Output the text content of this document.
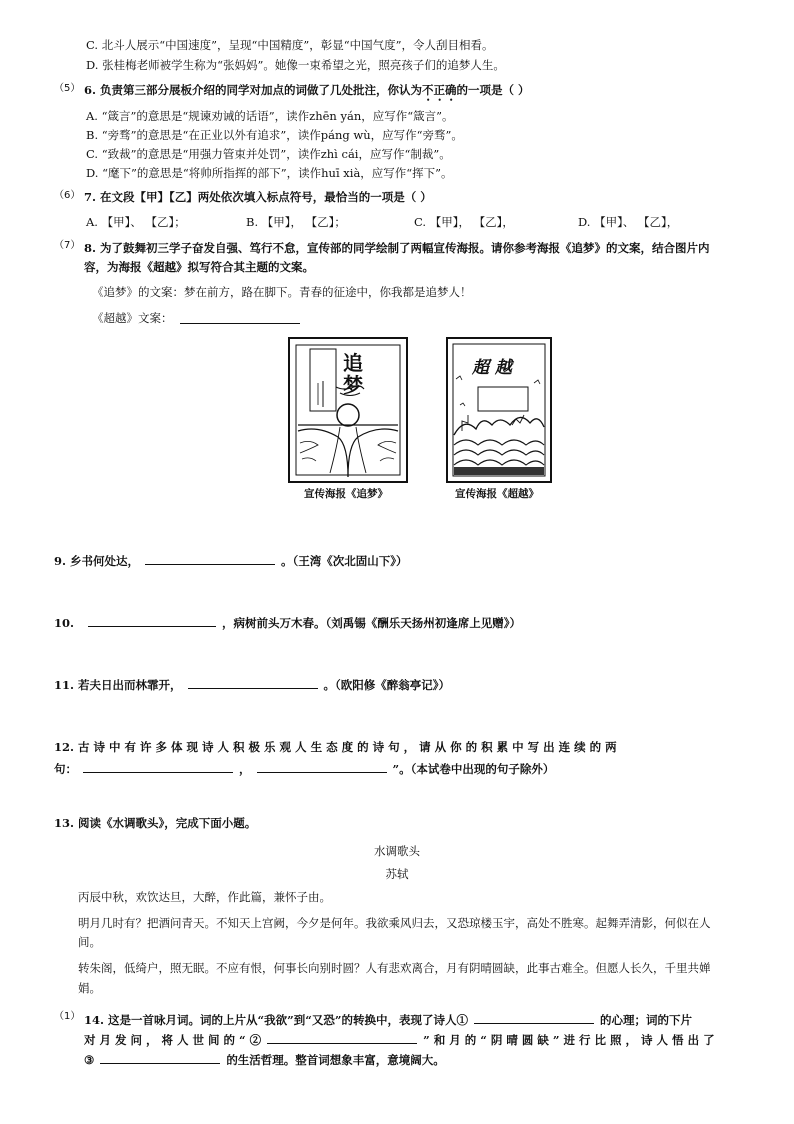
C. 北斗人展示“中国速度”，呈现“中国精度”，彰显“中国气度”，令人刮目相看。
D. 张桂梅老师被学生称为“张妈妈”。她像一束希望之光，照亮孩子们的追梦人生。
（5） 6. 负责第三部分展板介绍的同学对加点的词做了几处批注，你认为不正确的一项是（ ）
A. “箴言”的意思是“规谏劝诫的话语”，读作zhēn yán，应写作“箴言”。
B. “旁骛”的意思是“在正业以外有追求”，读作páng wù，应写作“旁骛”。
C. “致裁”的意思是“用强力管束并处罚”，读作zhì cái，应写作“制裁”。
D. “麾下”的意思是“将帅所指挥的部下”，读作huī xià，应写作“挥下”。
（6） 7. 在文段【甲】【乙】两处依次填入标点符号，最恰当的一项是（ ）
A. 【甲】、 【乙】；	B. 【甲】， 【乙】；	C. 【甲】， 【乙】，	D. 【甲】、 【乙】，
（7） 8. 为了鼓舞初三学子奋发自强、笃行不怠，宣传部的同学绘制了两幅宣传海报。请你参考海报《追梦》的文案，结合图片内
容，为海报《超越》拟写符合其主题的文案。
《追梦》的文案：梦在前方，路在脚下。青春的征途中，你我都是追梦人！
《超越》文案：
追
梦
宣传海报《追梦》
超 越
宣传海报《超越》
9. 乡书何处达，	。（王湾《次北固山下》）
10.	，病树前头万木春。（刘禹锡《酬乐天扬州初逢席上见赠》）
11. 若夫日出而林霏开，	。（欧阳修《醉翁亭记》）
12. 古 诗 中 有 许 多 体 现 诗 人 积 极 乐 观 人 生 态 度 的 诗 句 ， 请 从 你 的 积 累 中 写 出 连 续 的 两
句：	，	”。（本试卷中出现的句子除外）
13. 阅读《水调歌头》，完成下面小题。
水调歌头
苏轼
丙辰中秋，欢饮达旦，大醉，作此篇，兼怀子由。
明月几时有？把酒问青天。不知天上宫阙，今夕是何年。我欲乘风归去，又恐琼楼玉宇，高处不胜寒。起舞弄清影，何似在人
间。
转朱阁，低绮户，照无眠。不应有恨，何事长向别时圆？人有悲欢离合，月有阴晴圆缺，此事古难全。但愿人长久，千里共婵
娟。
（1） 14. 这是一首咏月词。词的上片从“我欲”到“又恐”的转换中，表现了诗人①	的心理；词的下片
对 月 发 问 ， 将 人 世 间 的 “ ②	” 和 月 的 “ 阴 晴 圆 缺 ” 进 行 比 照 ， 诗 人 悟 出 了
③	的生活哲理。整首词想象丰富，意境阔大。
